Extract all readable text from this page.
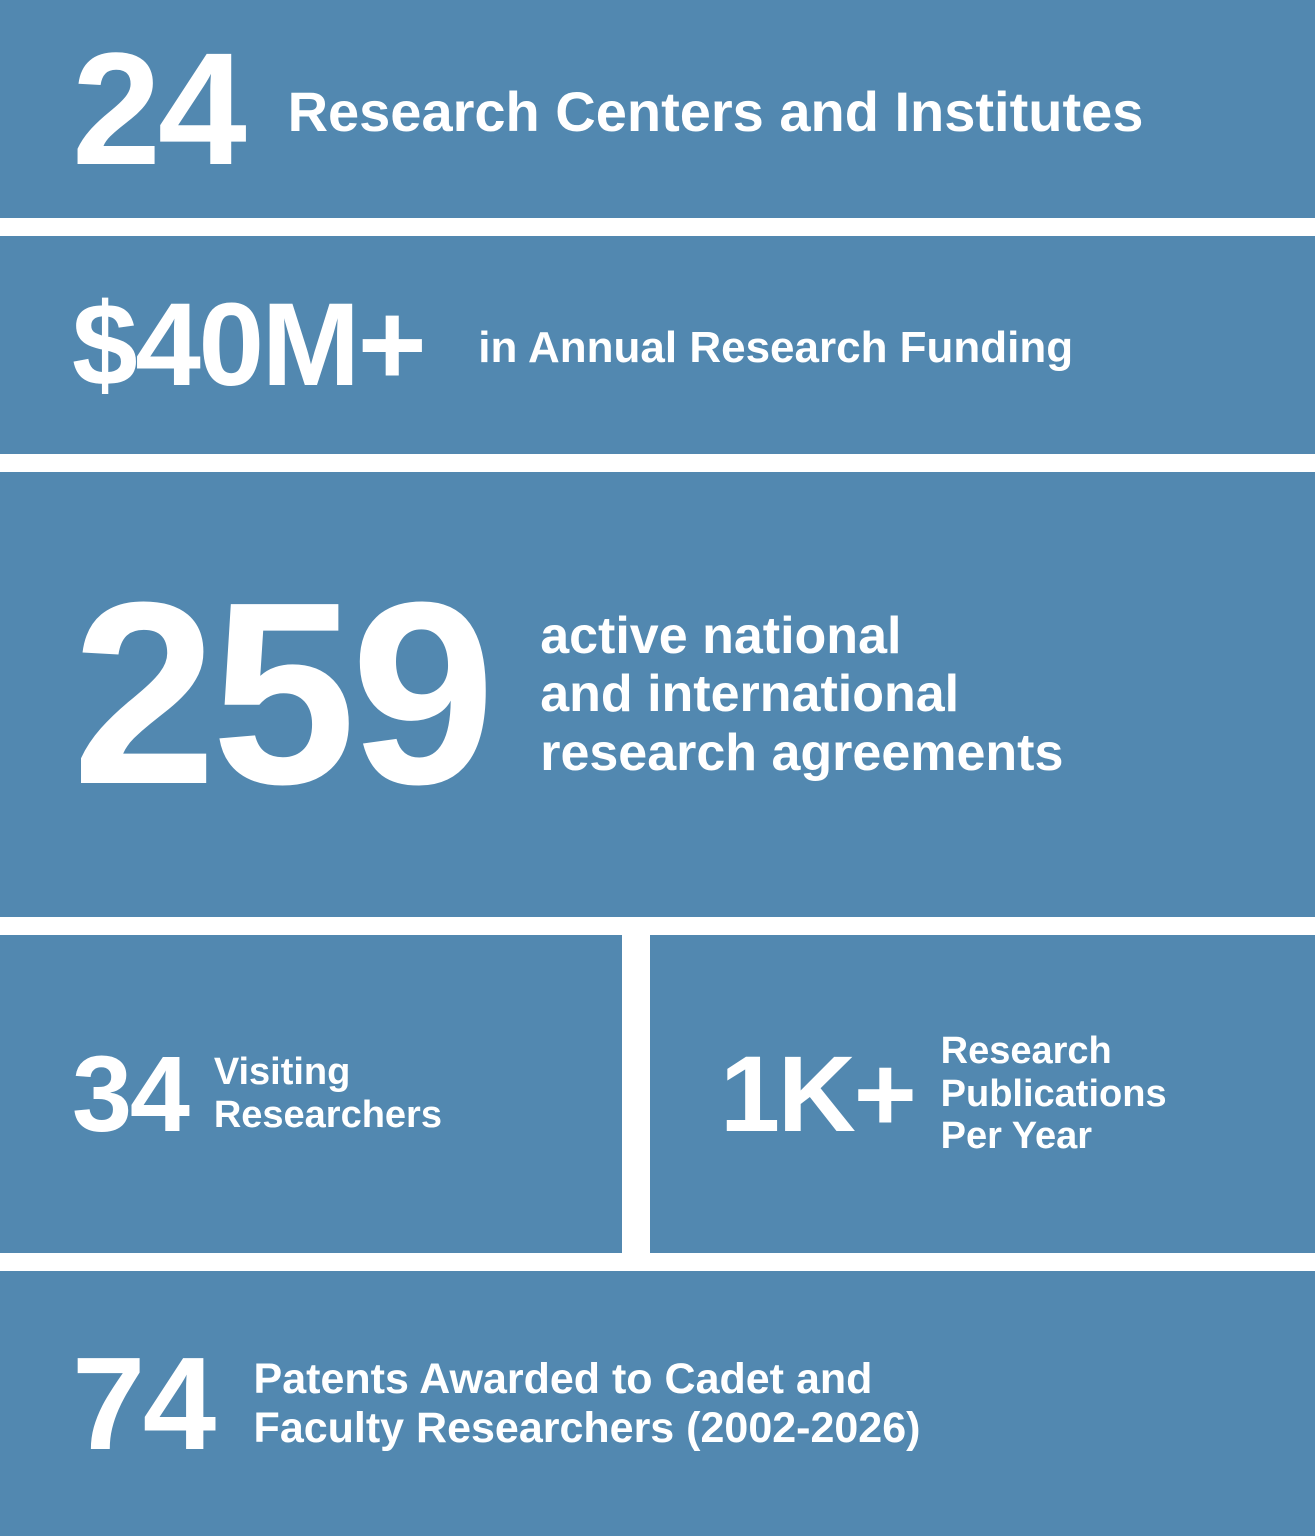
24 Research Centers and Institutes
$40M+ in Annual Research Funding
259 active national
and international
research agreements
34 Visiting
Researchers	1K+ Research
Publications
Per Year
74 Patents Awarded to Cadet and
Faculty Researchers (2002-2026)
